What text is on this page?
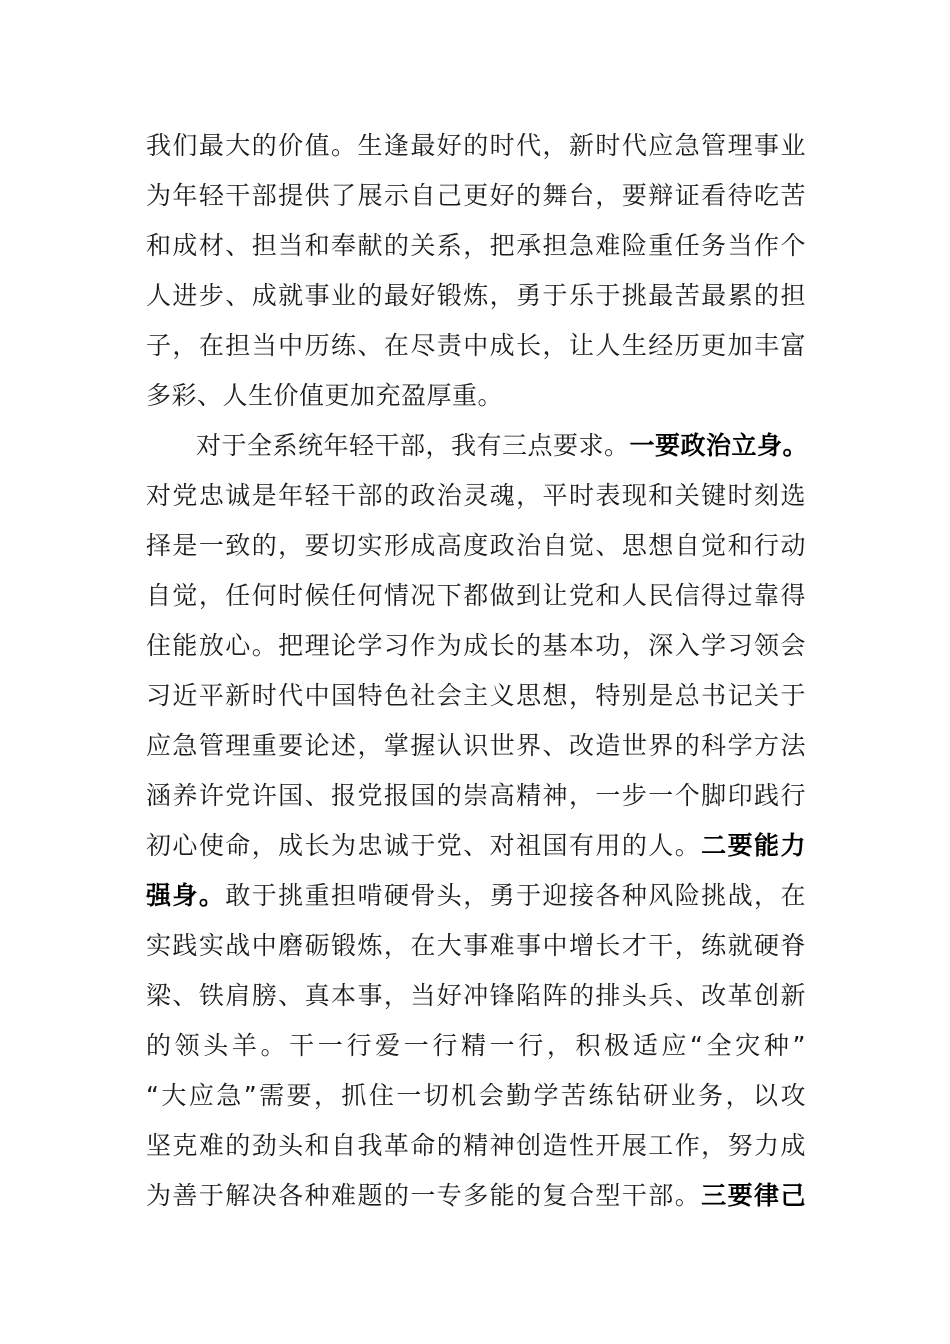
我们最大的价值。生逢最好的时代，新时代应急管理事业
为年轻干部提供了展示自己更好的舞台，要辩证看待吃苦
和成材、担当和奉献的关系，把承担急难险重任务当作个
人进步、成就事业的最好锻炼，勇于乐于挑最苦最累的担
子，在担当中历练、在尽责中成长，让人生经历更加丰富
多彩、人生价值更加充盈厚重。
对于全系统年轻干部，我有三点要求。一要政治立身。
对党忠诚是年轻干部的政治灵魂，平时表现和关键时刻选
择是一致的，要切实形成高度政治自觉、思想自觉和行动
自觉，任何时候任何情况下都做到让党和人民信得过靠得
住能放心。把理论学习作为成长的基本功，深入学习领会
习近平新时代中国特色社会主义思想，特别是总书记关于
应急管理重要论述，掌握认识世界、改造世界的科学方法
涵养许党许国、报党报国的崇高精神，一步一个脚印践行
初心使命，成长为忠诚于党、对祖国有用的人。二要能力
强身。敢于挑重担啃硬骨头，勇于迎接各种风险挑战，在
实践实战中磨砺锻炼，在大事难事中增长才干，练就硬脊
梁、铁肩膀、真本事，当好冲锋陷阵的排头兵、改革创新
的领头羊。干一行爱一行精一行，积极适应“全灾种”
“大应急”需要，抓住一切机会勤学苦练钻研业务，以攻
坚克难的劲头和自我革命的精神创造性开展工作，努力成
为善于解决各种难题的一专多能的复合型干部。三要律己
